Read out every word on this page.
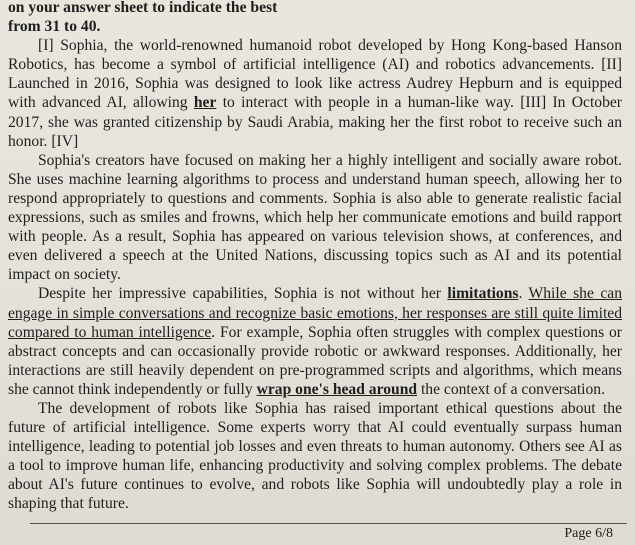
on your answer sheet to indicate the best
from 31 to 40.

[I] Sophia, the world-renowned humanoid robot developed by Hong Kong-based Hanson Robotics, has become a symbol of artificial intelligence (AI) and robotics advancements. [II] Launched in 2016, Sophia was designed to look like actress Audrey Hepburn and is equipped with advanced AI, allowing her to interact with people in a human-like way. [III] In October 2017, she was granted citizenship by Saudi Arabia, making her the first robot to receive such an honor. [IV]

Sophia's creators have focused on making her a highly intelligent and socially aware robot. She uses machine learning algorithms to process and understand human speech, allowing her to respond appropriately to questions and comments. Sophia is also able to generate realistic facial expressions, such as smiles and frowns, which help her communicate emotions and build rapport with people. As a result, Sophia has appeared on various television shows, at conferences, and even delivered a speech at the United Nations, discussing topics such as AI and its potential impact on society.

Despite her impressive capabilities, Sophia is not without her limitations. While she can engage in simple conversations and recognize basic emotions, her responses are still quite limited compared to human intelligence. For example, Sophia often struggles with complex questions or abstract concepts and can occasionally provide robotic or awkward responses. Additionally, her interactions are still heavily dependent on pre-programmed scripts and algorithms, which means she cannot think independently or fully wrap one's head around the context of a conversation.

The development of robots like Sophia has raised important ethical questions about the future of artificial intelligence. Some experts worry that AI could eventually surpass human intelligence, leading to potential job losses and even threats to human autonomy. Others see AI as a tool to improve human life, enhancing productivity and solving complex problems. The debate about AI's future continues to evolve, and robots like Sophia will undoubtedly play a role in shaping that future.

Page 6/8
